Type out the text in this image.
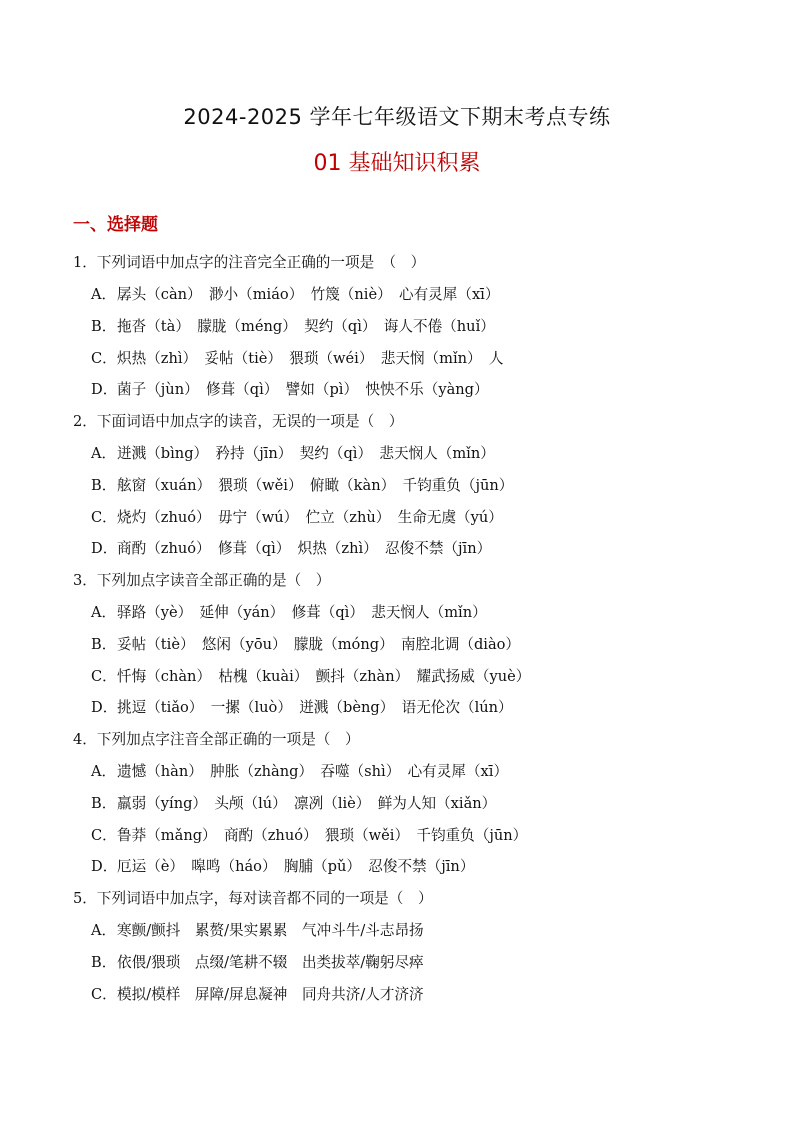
2024-2025 学年七年级语文下期末考点专练
01 基础知识积累
一、选择题
1．下列词语中加点字的注音完全正确的一项是　（　）
A．孱头（càn）　渺小（miáo）　竹篾（niè）　心有灵犀（xī）
B．拖沓（tà）　朦胧（méng）　契约（qì）　诲人不倦（huǐ）
C．炽热（zhì）　妥帖（tiè）　猥琐（wéi）　悲天悯（mǐn）　人
D．菌子（jùn）　修葺（qì）　譬如（pì）　怏怏不乐（yàng）
2．下面词语中加点字的读音，无误的一项是（　）
A．迸溅（bìng）　矜持（jīn）　契约（qì）　悲天悯人（mǐn）
B．舷窗（xuán）　猥琐（wěi）　俯瞰（kàn）　千钧重负（jūn）
C．烧灼（zhuó）　毋宁（wú）　伫立（zhù）　生命无虞（yú）
D．商酌（zhuó）　修葺（qì）　炽热（zhì）　忍俊不禁（jīn）
3．下列加点字读音全部正确的是（　）
A．驿路（yè）　延伸（yán）　修葺（qì）　悲天悯人（mǐn）
B．妥帖（tiè）　悠闲（yōu）　朦胧（móng）　南腔北调（diào）
C．忏悔（chàn）　枯槐（kuài）　颤抖（zhàn）　耀武扬威（yuè）
D．挑逗（tiǎo）　一摞（luò）　迸溅（bèng）　语无伦次（lún）
4．下列加点字注音全部正确的一项是（　）
A．遗憾（hàn）　肿胀（zhàng）　吞噬（shì）　心有灵犀（xī）
B．羸弱（yíng）　头颅（lú）　凛冽（liè）　鲜为人知（xiǎn）
C．鲁莽（mǎng）　商酌（zhuó）　猥琐（wěi）　千钧重负（jūn）
D．厄运（è）　嗥鸣（háo）　胸脯（pǔ）　忍俊不禁（jīn）
5．下列词语中加点字，每对读音都不同的一项是（　）
A．寒颤/颤抖　累赘/果实累累　气冲斗牛/斗志昂扬
B．依偎/猥琐　点缀/笔耕不辍　出类拔萃/鞠躬尽瘁
C．模拟/模样　屏障/屏息凝神　同舟共济/人才济济
